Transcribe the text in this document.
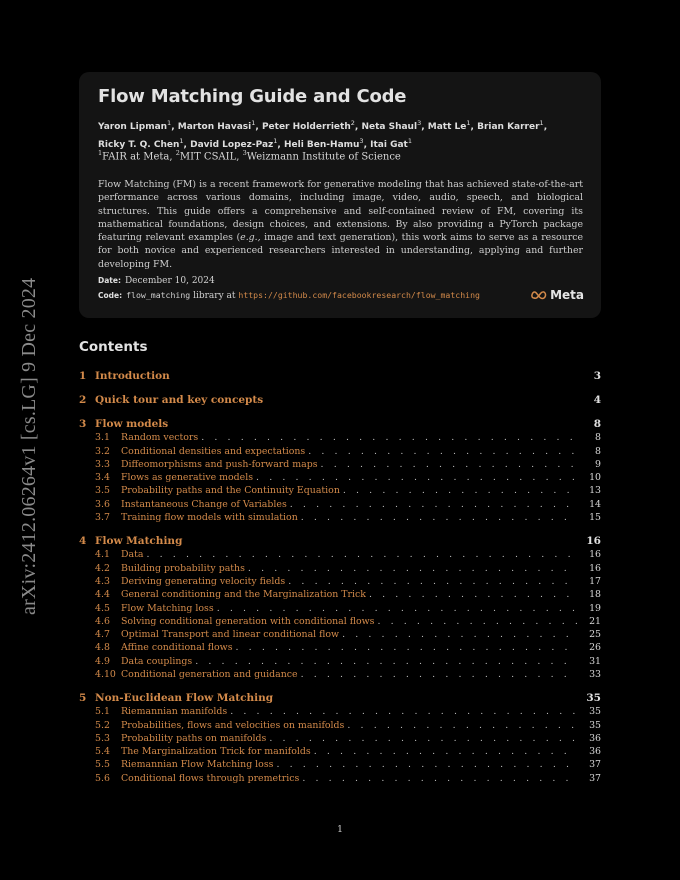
arXiv:2412.06264v1 [cs.LG] 9 Dec 2024
Flow Matching Guide and Code
Yaron Lipman$^1$, Marton Havasi$^1$, Peter Holderrieth$^2$, Neta Shaul$^3$, Matt Le$^1$, Brian Karrer$^1$,
Ricky T. Q. Chen$^1$, David Lopez-Paz$^1$, Heli Ben-Hamu$^3$, Itai Gat$^1$
$^1$FAIR at Meta, $^2$MIT CSAIL, $^3$Weizmann Institute of Science
Flow Matching (FM) is a recent framework for generative modeling that has achieved state-of-the-art performance across various domains, including image, video, audio, speech, and biological structures. This guide offers a comprehensive and self-contained review of FM, covering its mathematical foundations, design choices, and extensions. By also providing a PyTorch package featuring relevant examples (e.g., image and text generation), this work aims to serve as a resource for both novice and experienced researchers interested in understanding, applying and further developing FM.
Date: December 10, 2024
Code: flow_matching library at https://github.com/facebookresearch/flow_matching	Meta
Contents
1 Introduction	3
2 Quick tour and key concepts	4
3 Flow models	8
3.1	Random vectors . . .	8
3.2	Conditional densities and expectations . . .	8
3.3	Diffeomorphisms and push-forward maps . . .	9
3.4	Flows as generative models . . .	10
3.5	Probability paths and the Continuity Equation . . .	13
3.6	Instantaneous Change of Variables . . .	14
3.7	Training flow models with simulation . . .	15
4 Flow Matching	16
4.1	Data . . .	16
4.2	Building probability paths . . .	16
4.3	Deriving generating velocity fields . . .	17
4.4	General conditioning and the Marginalization Trick . . .	18
4.5	Flow Matching loss . . .	19
4.6	Solving conditional generation with conditional flows . . .	21
4.7	Optimal Transport and linear conditional flow . . .	25
4.8	Affine conditional flows . . .	26
4.9	Data couplings . . .	31
4.10 Conditional generation and guidance . . .	33
5 Non-Euclidean Flow Matching	35
5.1	Riemannian manifolds . . .	35
5.2	Probabilities, flows and velocities on manifolds . . .	35
5.3	Probability paths on manifolds . . .	36
5.4	The Marginalization Trick for manifolds . . .	36
5.5	Riemannian Flow Matching loss . . .	37
5.6	Conditional flows through premetrics . . .	37
1
